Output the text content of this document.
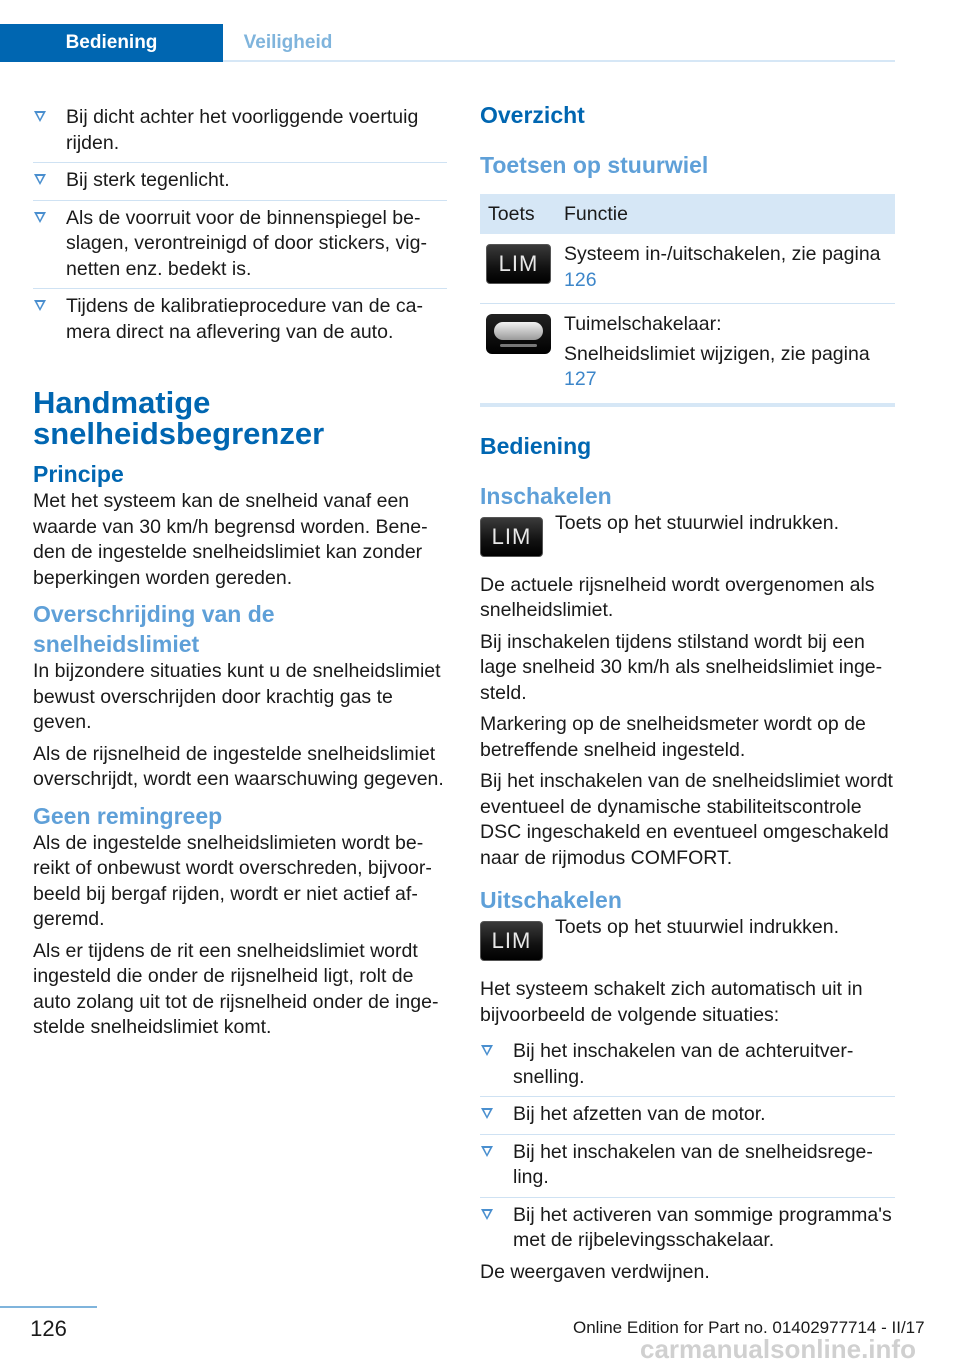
Bediening	Veiligheid
Bij dicht achter het voorliggende voertuig rijden.
Bij sterk tegenlicht.
Als de voorruit voor de binnenspiegel beslagen, verontreinigd of door stickers, vignetten enz. bedekt is.
Tijdens de kalibratieprocedure van de camera direct na aflevering van de auto.
Handmatige snelheidsbegrenzer
Principe

Met het systeem kan de snelheid vanaf een waarde van 30 km/h begrensd worden. Beneden de ingestelde snelheidslimiet kan zonder beperkingen worden gereden.

Overschrijding van de snelheidslimiet

In bijzondere situaties kunt u de snelheidslimiet bewust overschrijden door krachtig gas te geven.

Als de rijsnelheid de ingestelde snelheidslimiet overschrijdt, wordt een waarschuwing gegeven.

Geen remingreep

Als de ingestelde snelheidslimieten wordt bereikt of onbewust wordt overschreden, bijvoorbeeld bij bergaf rijden, wordt er niet actief afgeremd.

Als er tijdens de rit een snelheidslimiet wordt ingesteld die onder de rijsnelheid ligt, rolt de auto zolang uit tot de rijsnelheid onder de ingestelde snelheidslimiet komt.

Overzicht
Toetsen op stuurwiel
Toets	Functie
LIM Systeem in-/uitschakelen, zie pagina 126

Tuimelschakelaar:

Snelheidslimiet wijzigen, zie pagina 127

Bediening
Inschakelen
LIM
Toets op het stuurwiel indrukken.

De actuele rijsnelheid wordt overgenomen als snelheidslimiet.

Bij inschakelen tijdens stilstand wordt bij een lage snelheid 30 km/h als snelheidslimiet ingesteld.

Markering op de snelheidsmeter wordt op de betreffende snelheid ingesteld.

Bij het inschakelen van de snelheidslimiet wordt eventueel de dynamische stabiliteitscontrole DSC ingeschakeld en eventueel omgeschakeld naar de rijmodus COMFORT.

Uitschakelen
LIM
Toets op het stuurwiel indrukken.

Het systeem schakelt zich automatisch uit in bijvoorbeeld de volgende situaties:

Bij het inschakelen van de achteruitversnelling.
Bij het afzetten van de motor.
Bij het inschakelen van de snelheidsregeling.
Bij het activeren van sommige programma's met de rijbelevingsschakelaar.

De weergaven verdwijnen.

126	Online Edition for Part no. 01402977714 - II/17
carmanualsonline.info
